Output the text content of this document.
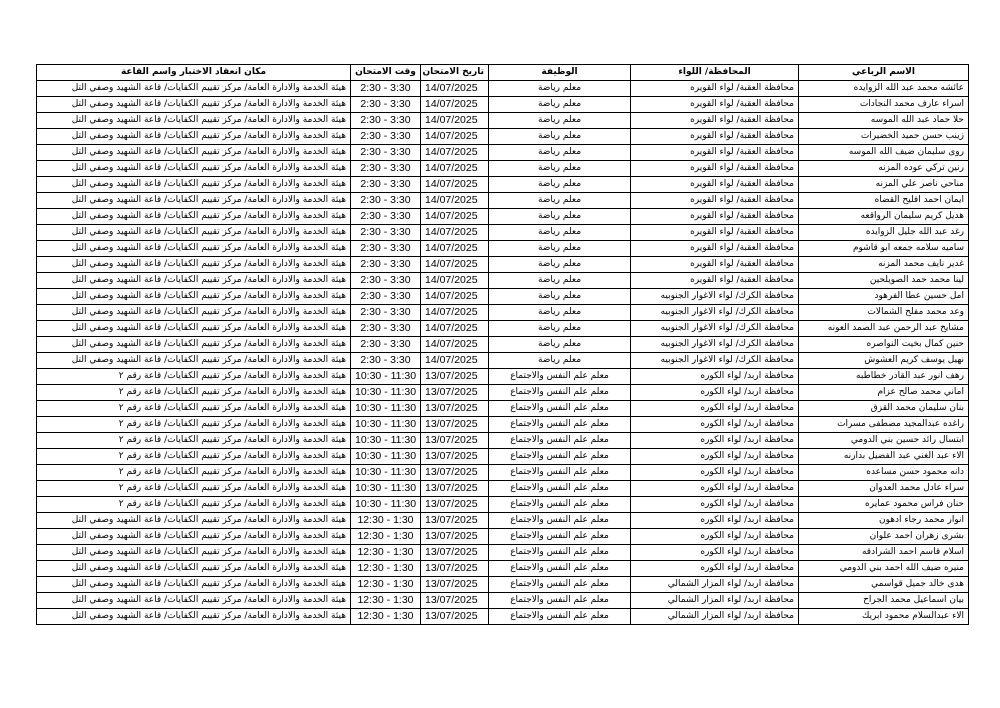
الاسم الرباعي	المحافظة/ اللواء	الوظيفة	تاريخ الامتحان	وقت الامتحان	مكان انعقاد الاختبار واسم القاعة
عائشه محمد عبد الله الزوايده	محافظة العقبة/ لواء القويره	معلم رياضة	14/07/2025	2:30 - 3:30	هيئة الخدمة والادارة العامة/ مركز تقييم الكفايات/ قاعة الشهيد وصفي التل
اسراء عارف محمد النجادات	محافظة العقبة/ لواء القويره	معلم رياضة	14/07/2025	2:30 - 3:30	هيئة الخدمة والادارة العامة/ مركز تقييم الكفايات/ قاعة الشهيد وصفي التل
حلا حماد عبد الله الموسه	محافظة العقبة/ لواء القويره	معلم رياضة	14/07/2025	2:30 - 3:30	هيئة الخدمة والادارة العامة/ مركز تقييم الكفايات/ قاعة الشهيد وصفي التل
زينب حسن حميد الخضيرات	محافظة العقبة/ لواء القويره	معلم رياضة	14/07/2025	2:30 - 3:30	هيئة الخدمة والادارة العامة/ مركز تقييم الكفايات/ قاعة الشهيد وصفي التل
روى سليمان ضيف الله الموسه	محافظة العقبة/ لواء القويره	معلم رياضة	14/07/2025	2:30 - 3:30	هيئة الخدمة والادارة العامة/ مركز تقييم الكفايات/ قاعة الشهيد وصفي التل
رنين تركي عوده المزنه	محافظة العقبة/ لواء القويره	معلم رياضة	14/07/2025	2:30 - 3:30	هيئة الخدمة والادارة العامة/ مركز تقييم الكفايات/ قاعة الشهيد وصفي التل
مناحي ناصر علي المزنه	محافظة العقبة/ لواء القويره	معلم رياضة	14/07/2025	2:30 - 3:30	هيئة الخدمة والادارة العامة/ مركز تقييم الكفايات/ قاعة الشهيد وصفي التل
ايمان احمد افليح القضاه	محافظة العقبة/ لواء القويره	معلم رياضة	14/07/2025	2:30 - 3:30	هيئة الخدمة والادارة العامة/ مركز تقييم الكفايات/ قاعة الشهيد وصفي التل
هديل كريم سليمان الرواقعه	محافظة العقبة/ لواء القويره	معلم رياضة	14/07/2025	2:30 - 3:30	هيئة الخدمة والادارة العامة/ مركز تقييم الكفايات/ قاعة الشهيد وصفي التل
رغد عبد الله جليل الزوايده	محافظة العقبة/ لواء القويره	معلم رياضة	14/07/2025	2:30 - 3:30	هيئة الخدمة والادارة العامة/ مركز تقييم الكفايات/ قاعة الشهيد وصفي التل
ساميه سلامه جمعه ابو قاشوم	محافظة العقبة/ لواء القويره	معلم رياضة	14/07/2025	2:30 - 3:30	هيئة الخدمة والادارة العامة/ مركز تقييم الكفايات/ قاعة الشهيد وصفي التل
غدير نايف محمد المزنه	محافظة العقبة/ لواء القويره	معلم رياضة	14/07/2025	2:30 - 3:30	هيئة الخدمة والادارة العامة/ مركز تقييم الكفايات/ قاعة الشهيد وصفي التل
لينا محمد حمد الصويلحين	محافظة العقبة/ لواء القويره	معلم رياضة	14/07/2025	2:30 - 3:30	هيئة الخدمة والادارة العامة/ مركز تقييم الكفايات/ قاعة الشهيد وصفي التل
امل حسين عطا الفرهود	محافظة الكرك/ لواء الاغوار الجنوبيه	معلم رياضة	14/07/2025	2:30 - 3:30	هيئة الخدمة والادارة العامة/ مركز تقييم الكفايات/ قاعة الشهيد وصفي التل
وعد محمد مفلح الشمالات	محافظة الكرك/ لواء الاغوار الجنوبيه	معلم رياضة	14/07/2025	2:30 - 3:30	هيئة الخدمة والادارة العامة/ مركز تقييم الكفايات/ قاعة الشهيد وصفي التل
مشايخ عبد الرحمن عبد الصمد العونه	محافظة الكرك/ لواء الاغوار الجنوبيه	معلم رياضة	14/07/2025	2:30 - 3:30	هيئة الخدمة والادارة العامة/ مركز تقييم الكفايات/ قاعة الشهيد وصفي التل
حنين كمال بخيت النواصره	محافظة الكرك/ لواء الاغوار الجنوبيه	معلم رياضة	14/07/2025	2:30 - 3:30	هيئة الخدمة والادارة العامة/ مركز تقييم الكفايات/ قاعة الشهيد وصفي التل
نهيل يوسف كريم العشوش	محافظة الكرك/ لواء الاغوار الجنوبيه	معلم رياضة	14/07/2025	2:30 - 3:30	هيئة الخدمة والادارة العامة/ مركز تقييم الكفايات/ قاعة الشهيد وصفي التل
رهف انور عبد القادر خطاطبه	محافظة اربد/ لواء الكوره	معلم علم النفس والاجتماع	13/07/2025	10:30 - 11:30	هيئة الخدمة والادارة العامة/ مركز تقييم الكفايات/ قاعة رقم ٢
اماني محمد صالح عزام	محافظة اربد/ لواء الكوره	معلم علم النفس والاجتماع	13/07/2025	10:30 - 11:30	هيئة الخدمة والادارة العامة/ مركز تقييم الكفايات/ قاعة رقم ٢
بنان سليمان محمد القزق	محافظة اربد/ لواء الكوره	معلم علم النفس والاجتماع	13/07/2025	10:30 - 11:30	هيئة الخدمة والادارة العامة/ مركز تقييم الكفايات/ قاعة رقم ٢
راغده عبدالمجيد مصطفى مسرات	محافظة اربد/ لواء الكوره	معلم علم النفس والاجتماع	13/07/2025	10:30 - 11:30	هيئة الخدمة والادارة العامة/ مركز تقييم الكفايات/ قاعة رقم ٢
ابتسال رائد حسين بني الدومي	محافظة اربد/ لواء الكوره	معلم علم النفس والاجتماع	13/07/2025	10:30 - 11:30	هيئة الخدمة والادارة العامة/ مركز تقييم الكفايات/ قاعة رقم ٢
الاء عبد الغني عبد الفضيل بدارنه	محافظة اربد/ لواء الكوره	معلم علم النفس والاجتماع	13/07/2025	10:30 - 11:30	هيئة الخدمة والادارة العامة/ مركز تقييم الكفايات/ قاعة رقم ٢
دانه محمود حسن مساعده	محافظة اربد/ لواء الكوره	معلم علم النفس والاجتماع	13/07/2025	10:30 - 11:30	هيئة الخدمة والادارة العامة/ مركز تقييم الكفايات/ قاعة رقم ٢
سراء عادل محمد العدوان	محافظة اربد/ لواء الكوره	معلم علم النفس والاجتماع	13/07/2025	10:30 - 11:30	هيئة الخدمة والادارة العامة/ مركز تقييم الكفايات/ قاعة رقم ٢
حنان فراس محمود عمايره	محافظة اربد/ لواء الكوره	معلم علم النفس والاجتماع	13/07/2025	10:30 - 11:30	هيئة الخدمة والادارة العامة/ مركز تقييم الكفايات/ قاعة رقم ٢
انوار محمد رجاء ادهون	محافظة اربد/ لواء الكوره	معلم علم النفس والاجتماع	13/07/2025	12:30 - 1:30	هيئة الخدمة والادارة العامة/ مركز تقييم الكفايات/ قاعة الشهيد وصفي التل
بشرى زهران احمد علوان	محافظة اربد/ لواء الكوره	معلم علم النفس والاجتماع	13/07/2025	12:30 - 1:30	هيئة الخدمة والادارة العامة/ مركز تقييم الكفايات/ قاعة الشهيد وصفي التل
اسلام قاسم احمد الشرادقه	محافظة اربد/ لواء الكوره	معلم علم النفس والاجتماع	13/07/2025	12:30 - 1:30	هيئة الخدمة والادارة العامة/ مركز تقييم الكفايات/ قاعة الشهيد وصفي التل
منيره ضيف الله احمد بني الدومي	محافظة اربد/ لواء الكوره	معلم علم النفس والاجتماع	13/07/2025	12:30 - 1:30	هيئة الخدمة والادارة العامة/ مركز تقييم الكفايات/ قاعة الشهيد وصفي التل
هدى خالد جميل قواسمي	محافظة اربد/ لواء المزار الشمالي	معلم علم النفس والاجتماع	13/07/2025	12:30 - 1:30	هيئة الخدمة والادارة العامة/ مركز تقييم الكفايات/ قاعة الشهيد وصفي التل
بيان اسماعيل محمد الجراح	محافظة اربد/ لواء المزار الشمالي	معلم علم النفس والاجتماع	13/07/2025	12:30 - 1:30	هيئة الخدمة والادارة العامة/ مركز تقييم الكفايات/ قاعة الشهيد وصفي التل
الاء عبدالسلام محمود ابريك	محافظة اربد/ لواء المزار الشمالي	معلم علم النفس والاجتماع	13/07/2025	12:30 - 1:30	هيئة الخدمة والادارة العامة/ مركز تقييم الكفايات/ قاعة الشهيد وصفي التل
